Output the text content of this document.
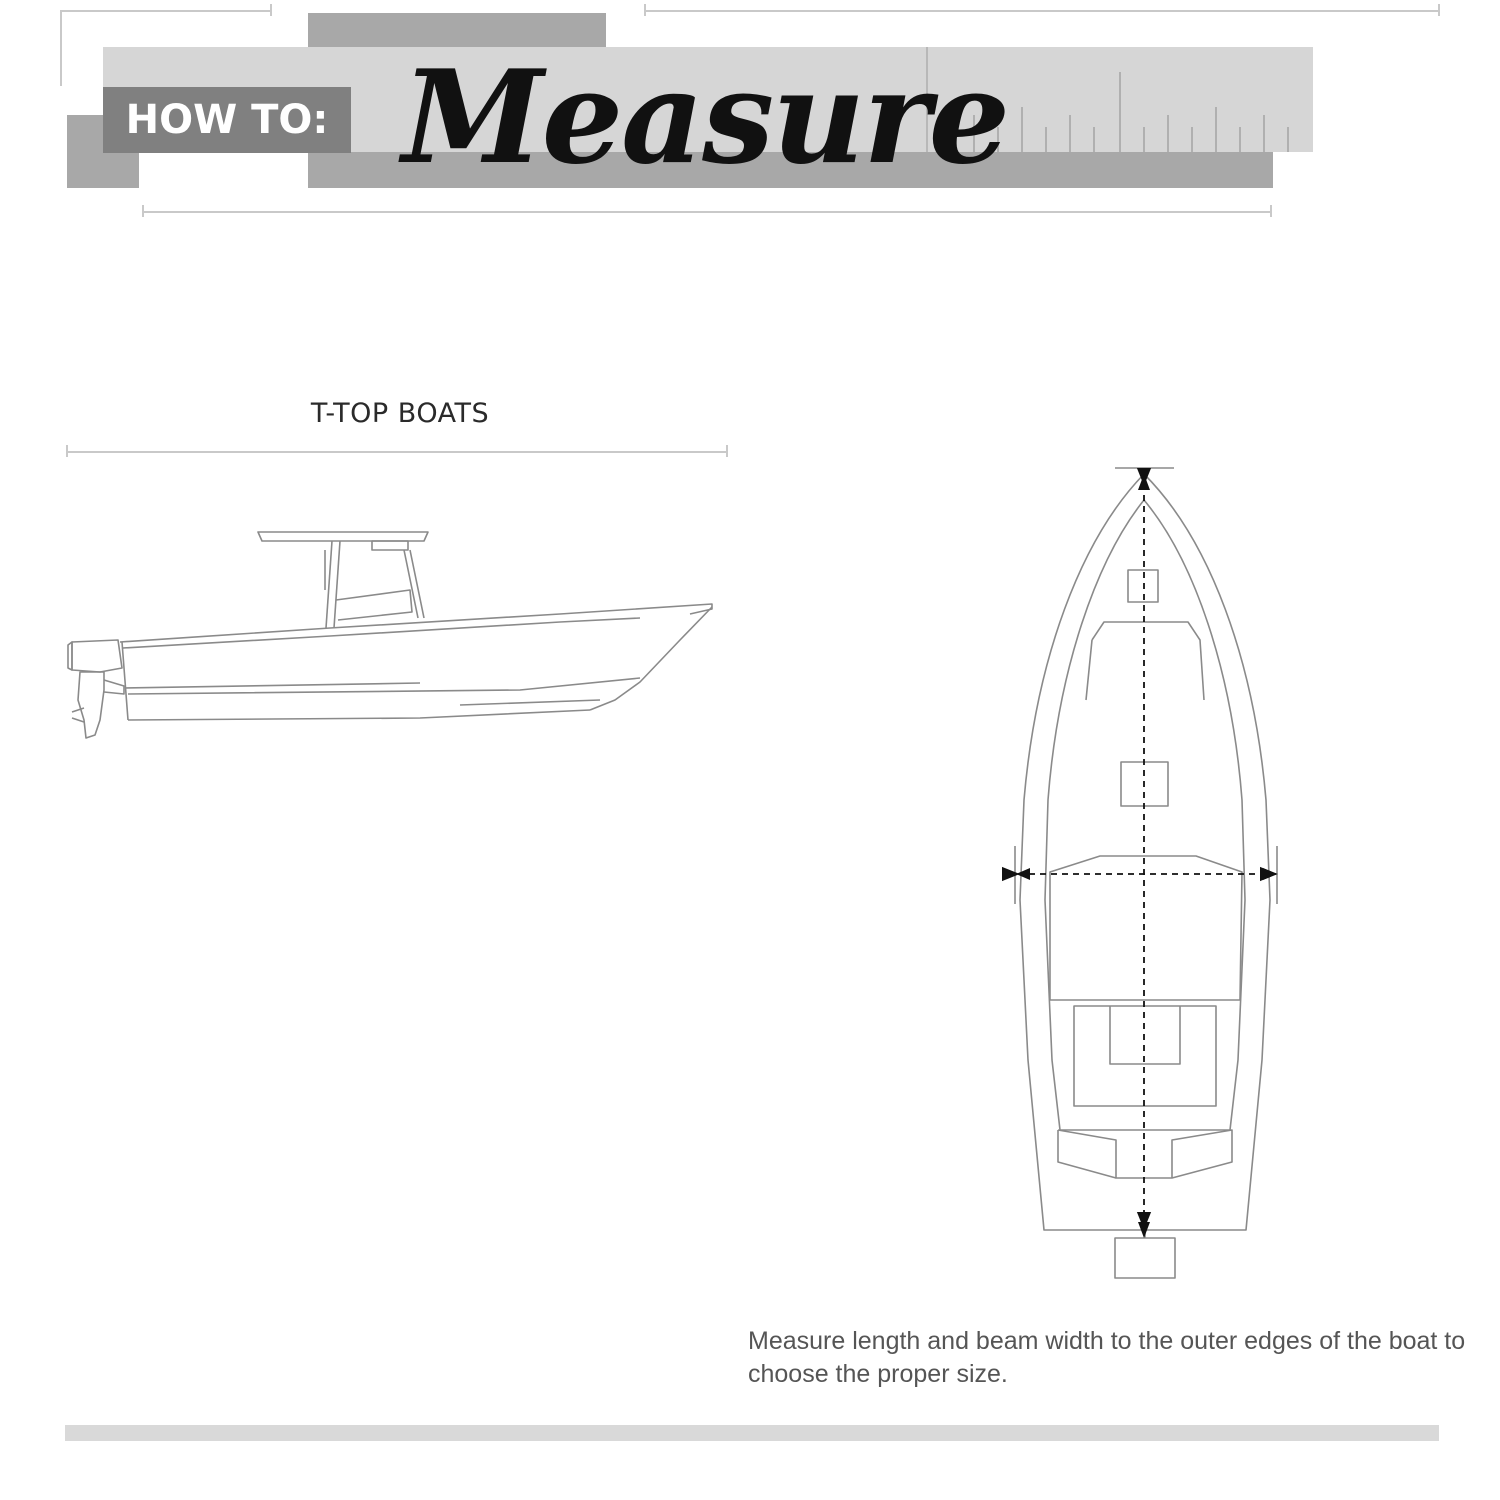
HOW TO: Measure
T-TOP BOATS
Measure length and beam width to the outer edges of the boat to choose the proper size.
